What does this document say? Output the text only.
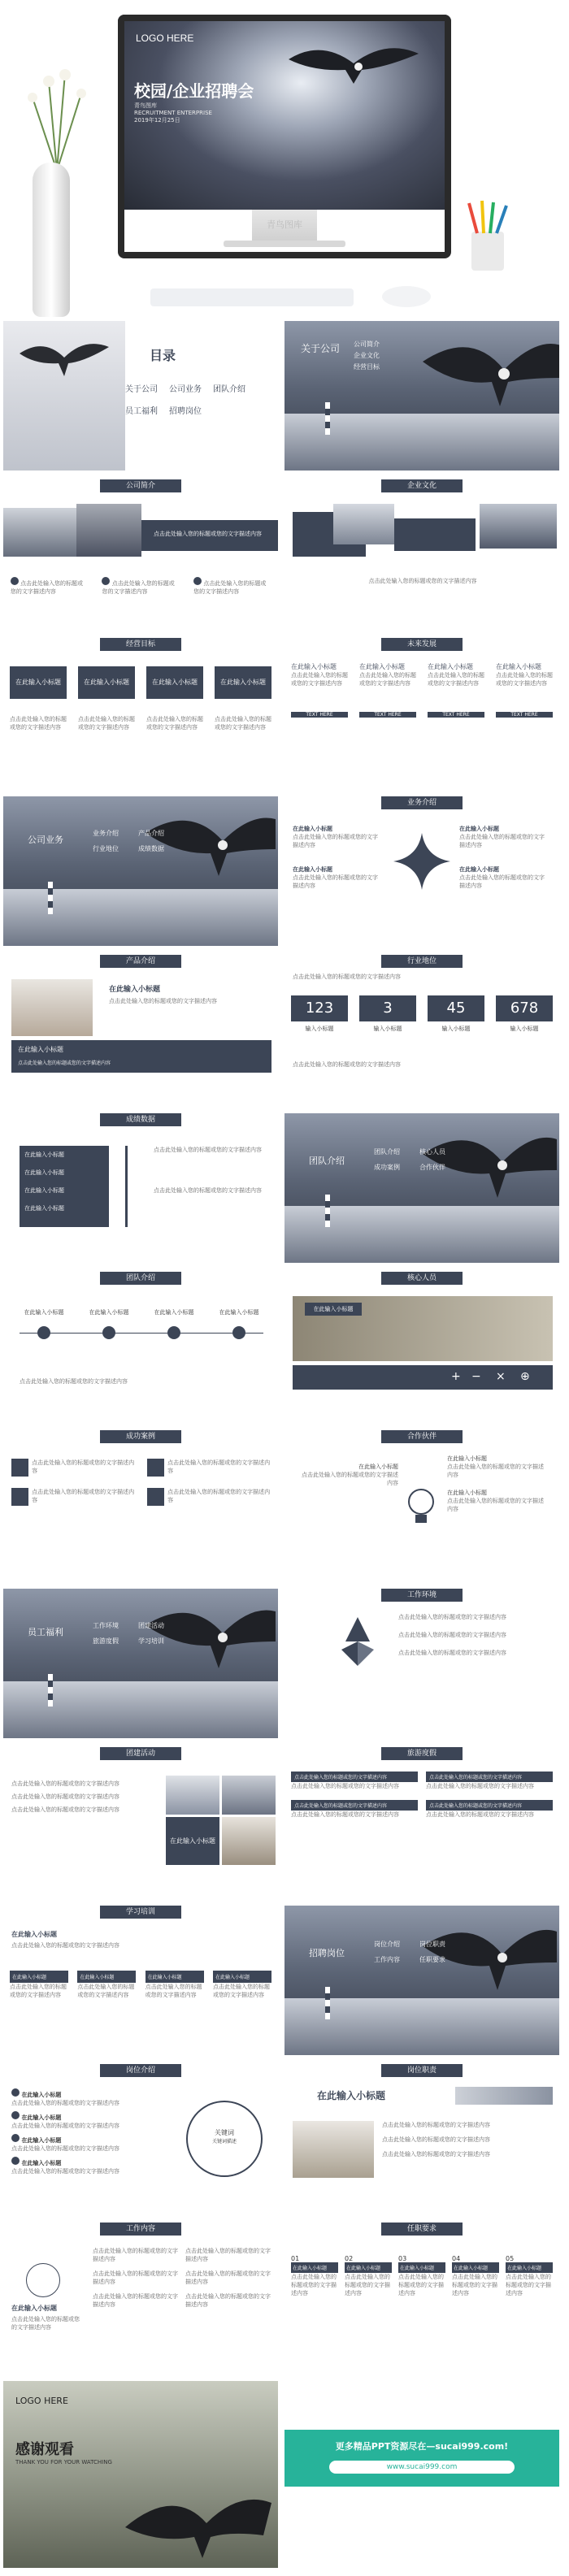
LOGO HERE
校园/企业招聘会
青鸟图库
RECRUITMENT ENTERPRISE
2019年12月25日
青鸟图库
目录
关于公司 公司业务 团队介绍
员工福利 招聘岗位
关于公司 公司简介
企业文化
经营目标
公司简介
点击此处输入您的标题或您的文字描述内容
点击此处输入您的标题或您的文字描述内容
点击此处输入您的标题或您的文字描述内容
点击此处输入您的标题或您的文字描述内容
企业文化
点击此处输入您的标题或您的文字描述内容
经营目标
在此输入小标题	在此输入小标题	在此输入小标题	在此输入小标题
点击此处输入您的标题或您的文字描述内容
点击此处输入您的标题或您的文字描述内容
点击此处输入您的标题或您的文字描述内容
点击此处输入您的标题或您的文字描述内容
未来发展
在此输入小标题
点击此处输入您的标题或您的文字描述内容
TEXT HERE
在此输入小标题
点击此处输入您的标题或您的文字描述内容
TEXT HERE
在此输入小标题
点击此处输入您的标题或您的文字描述内容
TEXT HERE
在此输入小标题
点击此处输入您的标题或您的文字描述内容
TEXT HERE
公司业务
业务介绍	产品介绍
行业地位	成绩数据
业务介绍
在此输入小标题
点击此处输入您的标题或您的文字描述内容
在此输入小标题
点击此处输入您的标题或您的文字描述内容
在此输入小标题
点击此处输入您的标题或您的文字描述内容
在此输入小标题
点击此处输入您的标题或您的文字描述内容
产品介绍
在此输入小标题
点击此处输入您的标题或您的文字描述内容
在此输入小标题
点击此处输入您的标题或您的文字描述内容
行业地位
点击此处输入您的标题或您的文字描述内容
123
输入小标题
3
输入小标题
45
输入小标题
678
输入小标题
点击此处输入您的标题或您的文字描述内容
成绩数据
在此输入小标题
在此输入小标题
在此输入小标题
在此输入小标题
点击此处输入您的标题或您的文字描述内容
点击此处输入您的标题或您的文字描述内容
团队介绍
团队介绍	核心人员
成功案例	合作伙伴
团队介绍
在此输入小标题	在此输入小标题	在此输入小标题	在此输入小标题
点击此处输入您的标题或您的文字描述内容
核心人员
在此输入小标题
+ − × ⊕
成功案例
点击此处输入您的标题或您的文字描述内容
点击此处输入您的标题或您的文字描述内容
点击此处输入您的标题或您的文字描述内容
点击此处输入您的标题或您的文字描述内容
合作伙伴
在此输入小标题
点击此处输入您的标题或您的文字描述内容
在此输入小标题
点击此处输入您的标题或您的文字描述内容
在此输入小标题
点击此处输入您的标题或您的文字描述内容
员工福利
工作环境	团建活动
旅游度假	学习培训
工作环境
点击此处输入您的标题或您的文字描述内容
点击此处输入您的标题或您的文字描述内容
点击此处输入您的标题或您的文字描述内容
团建活动
点击此处输入您的标题或您的文字描述内容
点击此处输入您的标题或您的文字描述内容
点击此处输入您的标题或您的文字描述内容
在此输入小标题
旅游度假
点击此处输入您的标题或您的文字描述内容
点击此处输入您的标题或您的文字描述内容
点击此处输入您的标题或您的文字描述内容
点击此处输入您的标题或您的文字描述内容
点击此处输入您的标题或您的文字描述内容
点击此处输入您的标题或您的文字描述内容
点击此处输入您的标题或您的文字描述内容
点击此处输入您的标题或您的文字描述内容
学习培训
在此输入小标题
点击此处输入您的标题或您的文字描述内容
在此输入小标题
点击此处输入您的标题或您的文字描述内容
在此输入小标题
点击此处输入您的标题或您的文字描述内容
在此输入小标题
点击此处输入您的标题或您的文字描述内容
在此输入小标题
点击此处输入您的标题或您的文字描述内容
招聘岗位
岗位介绍	岗位职责
工作内容	任职要求
岗位介绍
在此输入小标题
点击此处输入您的标题或您的文字描述内容
在此输入小标题
点击此处输入您的标题或您的文字描述内容
在此输入小标题
点击此处输入您的标题或您的文字描述内容
在此输入小标题
点击此处输入您的标题或您的文字描述内容
关键词
关键词描述
岗位职责
在此输入小标题
点击此处输入您的标题或您的文字描述内容
点击此处输入您的标题或您的文字描述内容
点击此处输入您的标题或您的文字描述内容
工作内容
在此输入小标题
点击此处输入您的标题或您的文字描述内容
点击此处输入您的标题或您的文字描述内容
点击此处输入您的标题或您的文字描述内容
点击此处输入您的标题或您的文字描述内容
点击此处输入您的标题或您的文字描述内容
点击此处输入您的标题或您的文字描述内容
点击此处输入您的标题或您的文字描述内容
任职要求
01
在此输入小标题
点击此处输入您的标题或您的文字描述内容
02
在此输入小标题
点击此处输入您的标题或您的文字描述内容
03
在此输入小标题
点击此处输入您的标题或您的文字描述内容
04
在此输入小标题
点击此处输入您的标题或您的文字描述内容
05
在此输入小标题
点击此处输入您的标题或您的文字描述内容
LOGO HERE
感谢观看
THANK YOU FOR YOUR WATCHING
更多精品PPT资源尽在—sucai999.com!
www.sucai999.com
